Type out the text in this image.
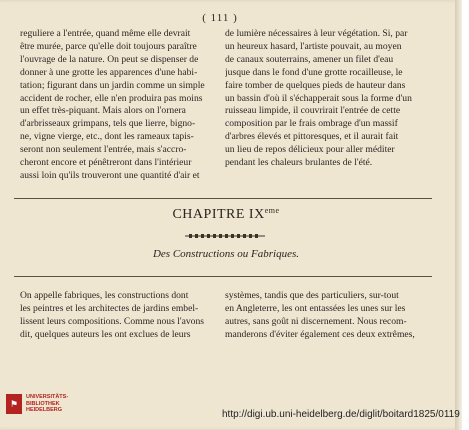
( 111 )
reguliere a l'entrée, quand même elle devrait
être murée, parce qu'elle doit toujours paraître
l'ouvrage de la nature. On peut se dispenser de
donner à une grotte les apparences d'une habi-
tation; figurant dans un jardin comme un simple
accident de rocher, elle n'en produira pas moins
un effet très-piquant. Mais alors on l'ornera
d'arbrisseaux grimpans, tels que lierre, bigno-
ne, vigne vierge, etc., dont les rameaux tapis-
seront non seulement l'entrée, mais s'accro-
cheront encore et pénêtreront dans l'intérieur
aussi loin qu'ils trouveront une quantité d'air et
de lumière nécessaires à leur végétation. Si, par
un heureux hasard, l'artiste pouvait, au moyen
de canaux souterrains, amener un filet d'eau
jusque dans le fond d'une grotte rocailleuse, le
faire tomber de quelques pieds de hauteur dans
un bassin d'où il s'échapperait sous la forme d'un
ruisseau limpide, il couvrirait l'entrée de cette
composition par le frais ombrage d'un massif
d'arbres élevés et pittoresques, et il aurait fait
un lieu de repos délicieux pour aller méditer
pendant les chaleurs brulantes de l'été.
CHAPITRE IXeme
Des Constructions ou Fabriques.
On appelle fabriques, les constructions dont
les peintres et les architectes de jardins embel-
lissent leurs compositions. Comme nous l'avons
dit, quelques auteurs les ont exclues de leurs
systèmes, tandis que des particuliers, sur-tout
en Angleterre, les ont entassées les unes sur les
autres, sans goût ni discernement. Nous recom-
manderons d'éviter également ces deux extrêmes,
⚑
UNIVERSITÄTS-
BIBLIOTHEK
HEIDELBERG	http://digi.ub.uni-heidelberg.de/diglit/boitard1825/0119
